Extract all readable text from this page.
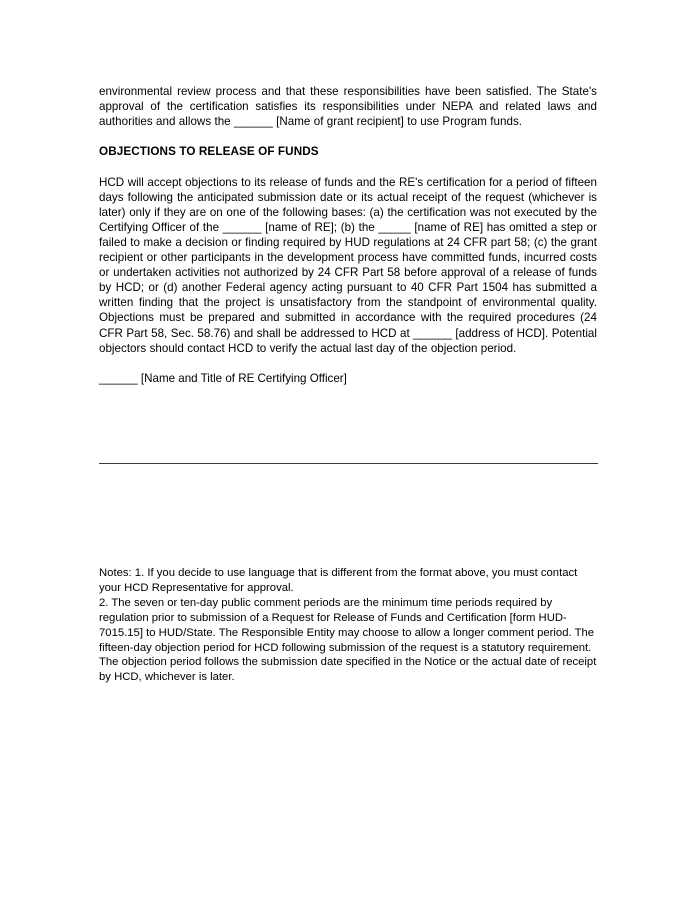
environmental review process and that these responsibilities have been satisfied. The State's approval of the certification satisfies its responsibilities under NEPA and related laws and authorities and allows the ______ [Name of grant recipient] to use Program funds.

OBJECTIONS TO RELEASE OF FUNDS

HCD will accept objections to its release of funds and the RE's certification for a period of fifteen days following the anticipated submission date or its actual receipt of the request (whichever is later) only if they are on one of the following bases: (a) the certification was not executed by the Certifying Officer of the ______ [name of RE]; (b) the _____ [name of RE] has omitted a step or failed to make a decision or finding required by HUD regulations at 24 CFR part 58; (c) the grant recipient or other participants in the development process have committed funds, incurred costs or undertaken activities not authorized by 24 CFR Part 58 before approval of a release of funds by HCD; or (d) another Federal agency acting pursuant to 40 CFR Part 1504 has submitted a written finding that the project is unsatisfactory from the standpoint of environmental quality. Objections must be prepared and submitted in accordance with the required procedures (24 CFR Part 58, Sec. 58.76) and shall be addressed to HCD at ______ [address of HCD]. Potential objectors should contact HCD to verify the actual last day of the objection period.

______ [Name and Title of RE Certifying Officer]

Notes: 1. If you decide to use language that is different from the format above, you must contact your HCD Representative for approval.

2. The seven or ten-day public comment periods are the minimum time periods required by regulation prior to submission of a Request for Release of Funds and Certification [form HUD-7015.15] to HUD/State. The Responsible Entity may choose to allow a longer comment period. The fifteen-day objection period for HCD following submission of the request is a statutory requirement. The objection period follows the submission date specified in the Notice or the actual date of receipt by HCD, whichever is later.
